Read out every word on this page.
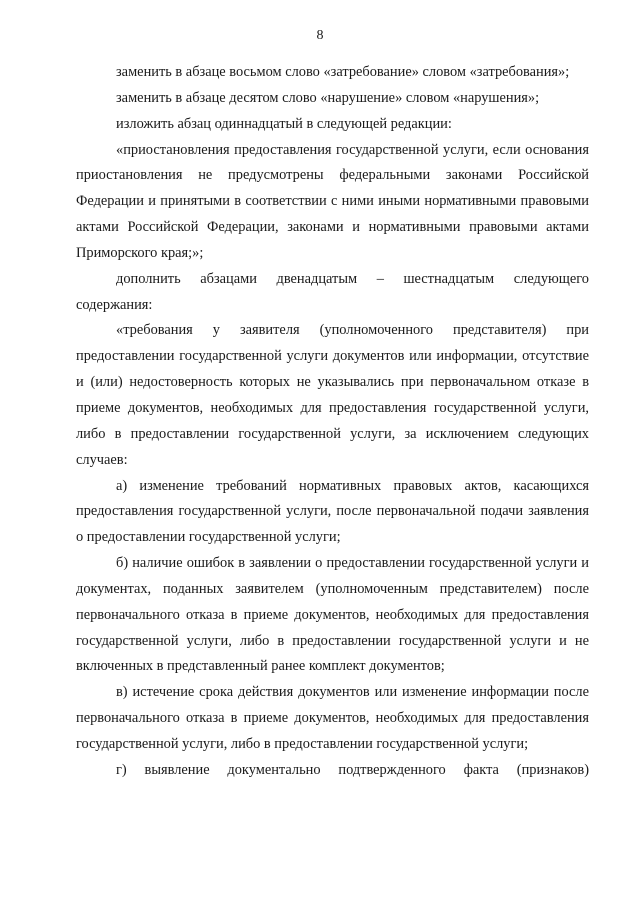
8

заменить в абзаце восьмом слово «затребование» словом «затребования»;

заменить в абзаце десятом слово «нарушение» словом «нарушения»;

изложить абзац одиннадцатый в следующей редакции:

«приостановления предоставления государственной услуги, если основания приостановления не предусмотрены федеральными законами Российской Федерации и принятыми в соответствии с ними иными нормативными правовыми актами Российской Федерации, законами и нормативными правовыми актами Приморского края;»;

дополнить абзацами двенадцатым – шестнадцатым следующего содержания:

«требования у заявителя (уполномоченного представителя) при предоставлении государственной услуги документов или информации, отсутствие и (или) недостоверность которых не указывались при первоначальном отказе в приеме документов, необходимых для предоставления государственной услуги, либо в предоставлении государственной услуги, за исключением следующих случаев:

а) изменение требований нормативных правовых актов, касающихся предоставления государственной услуги, после первоначальной подачи заявления о предоставлении государственной услуги;

б) наличие ошибок в заявлении о предоставлении государственной услуги и документах, поданных заявителем (уполномоченным представителем) после первоначального отказа в приеме документов, необходимых для предоставления государственной услуги, либо в предоставлении государственной услуги и не включенных в представленный ранее комплект документов;

в) истечение срока действия документов или изменение информации после первоначального отказа в приеме документов, необходимых для предоставления государственной услуги, либо в предоставлении государственной услуги;

г) выявление документально подтвержденного факта (признаков)
